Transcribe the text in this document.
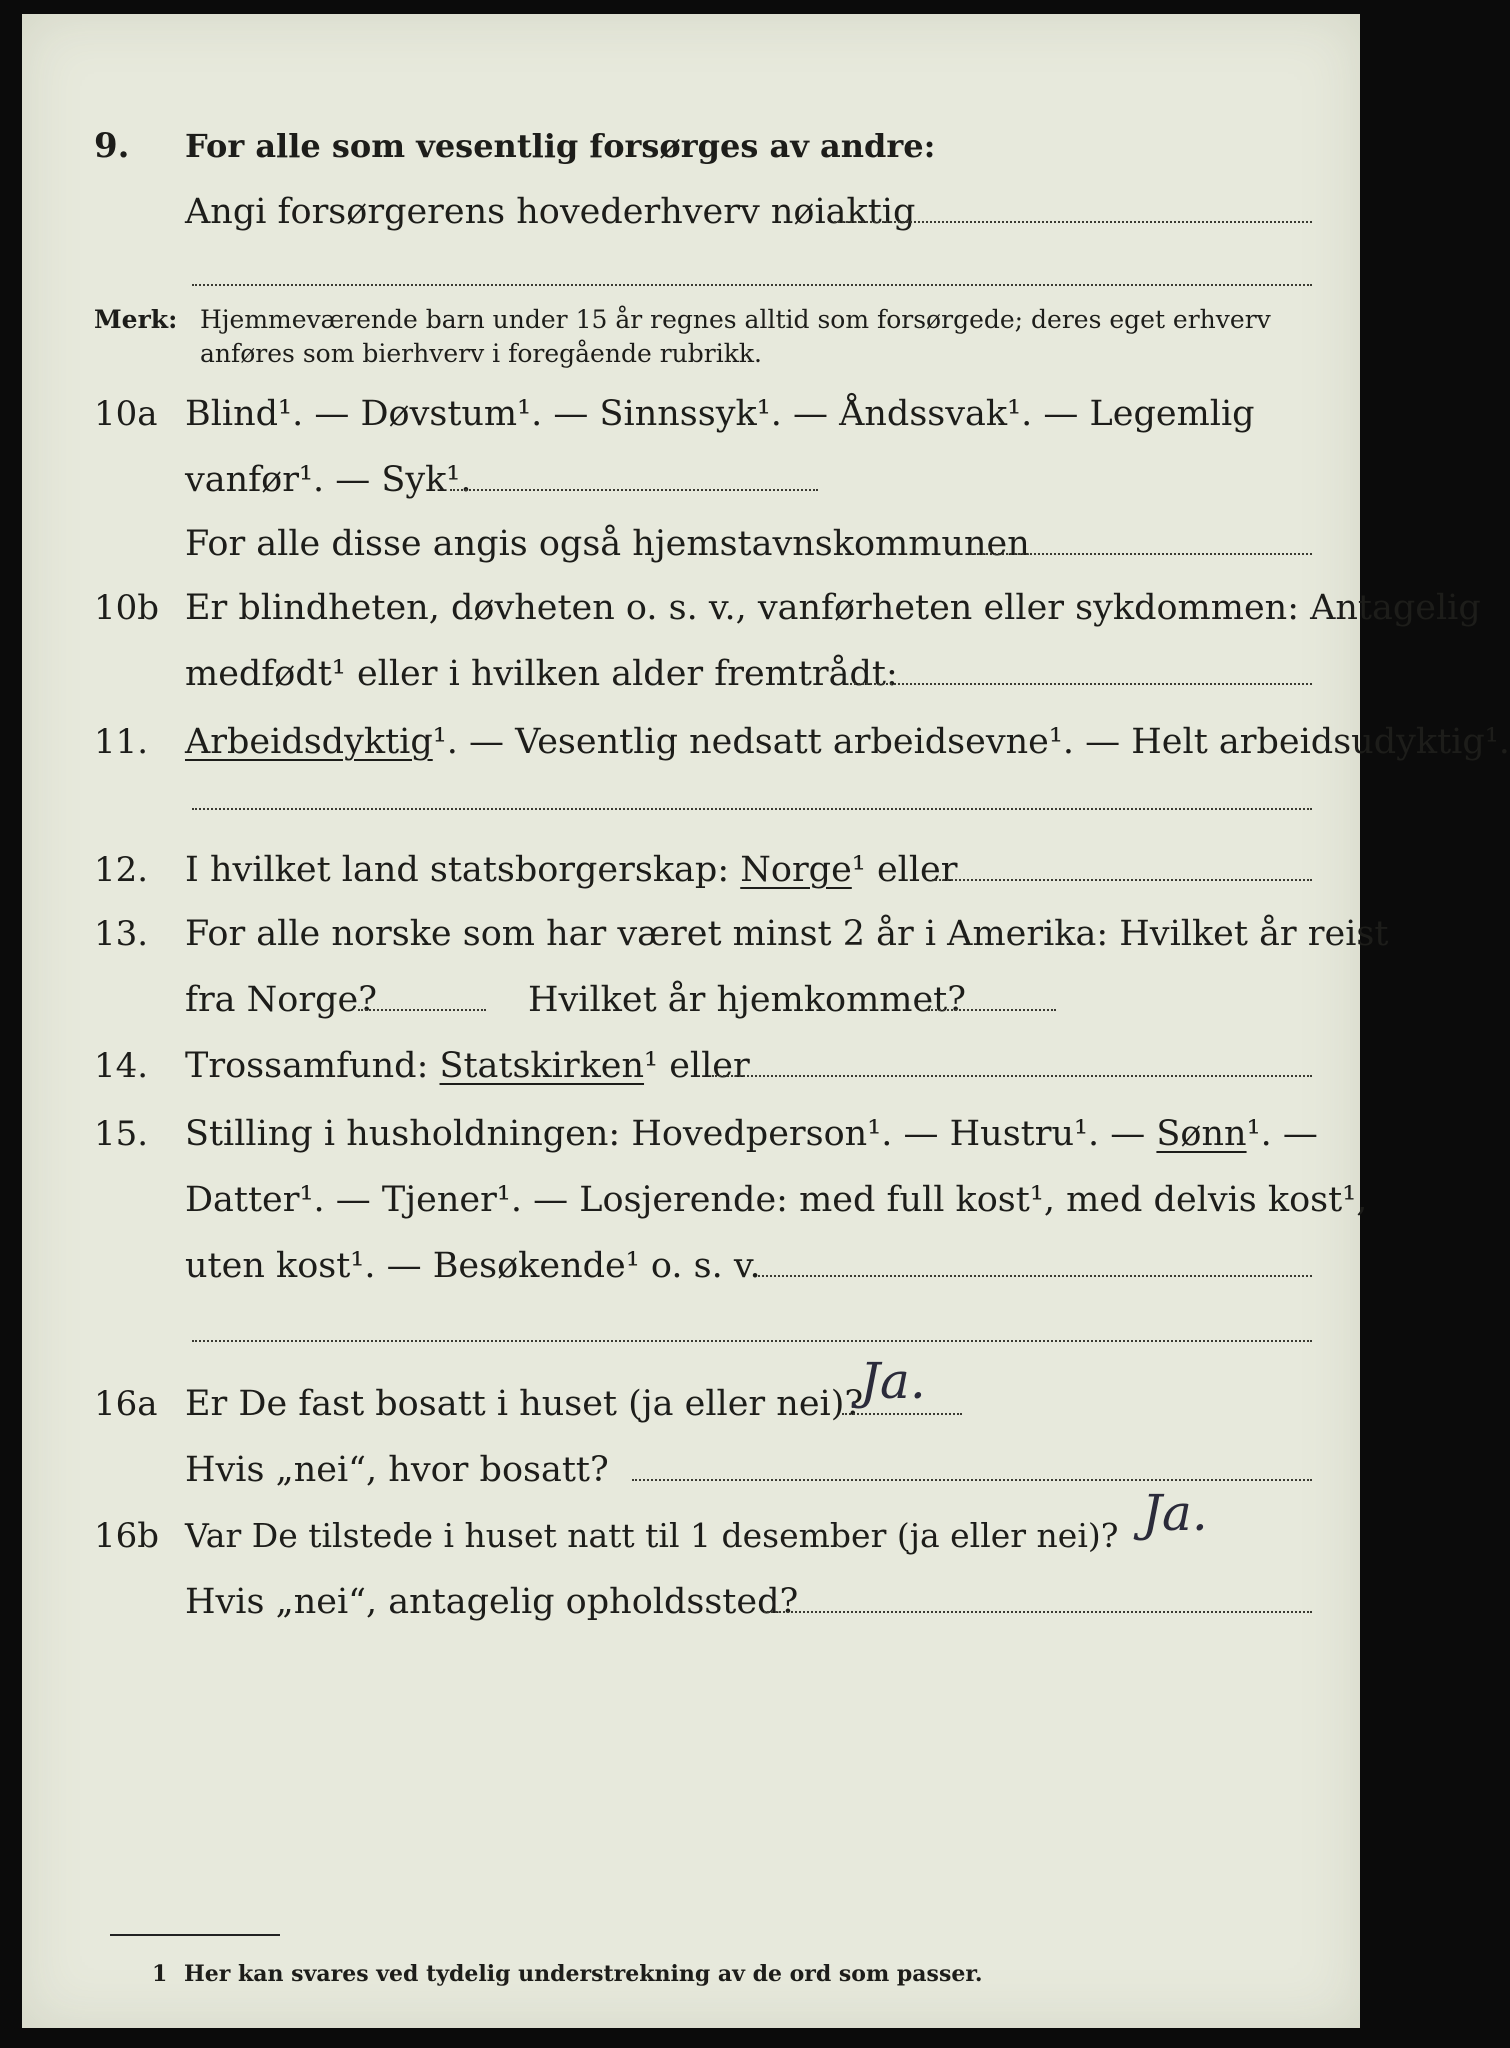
9. For alle som vesentlig forsørges av andre:
Angi forsørgerens hovederhverv nøiaktig
Merk: Hjemmeværende barn under 15 år regnes alltid som forsørgede; deres eget erhverv
anføres som bierhverv i foregående rubrikk.
10a Blind¹. — Døvstum¹. — Sinnssyk¹. — Åndssvak¹. — Legemlig
vanfør¹. — Syk¹.
For alle disse angis også hjemstavnskommunen
10b Er blindheten, døvheten o. s. v., vanførheten eller sykdommen: Antagelig
medfødt¹ eller i hvilken alder fremtrådt:
11. Arbeidsdyktig¹. — Vesentlig nedsatt arbeidsevne¹. — Helt arbeidsudyktig¹.
12. I hvilket land statsborgerskap: Norge¹ eller
13. For alle norske som har været minst 2 år i Amerika: Hvilket år reist
fra Norge?	Hvilket år hjemkommet?
14. Trossamfund: Statskirken¹ eller
15. Stilling i husholdningen: Hovedperson¹. — Hustru¹. — Sønn¹. —
Datter¹. — Tjener¹. — Losjerende: med full kost¹, med delvis kost¹,
uten kost¹. — Besøkende¹ o. s. v.
16a Er De fast bosatt i huset (ja eller nei)?
Ja.
Hvis „nei“, hvor bosatt?
16b Var De tilstede i huset natt til 1 desember (ja eller nei)? Ja.
Hvis „nei“, antagelig opholdssted?
1 Her kan svares ved tydelig understrekning av de ord som passer.
